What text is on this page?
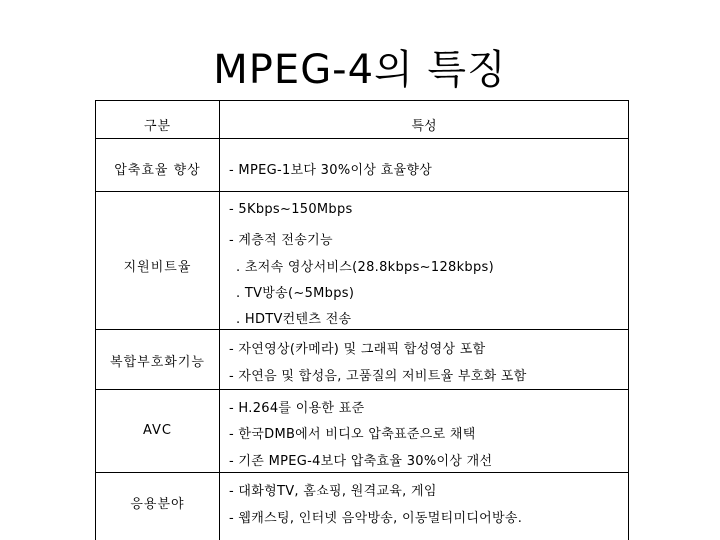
MPEG-4의 특징
구분	특성
압축효율 향상	- MPEG-1보다 30%이상 효율향상
지원비트율
- 5Kbps~150Mbps
- 계층적 전송기능
. 초저속 영상서비스(28.8kbps~128kbps)
. TV방송(~5Mbps)
. HDTV컨텐츠 전송
복합부호화기능
- 자연영상(카메라) 및 그래픽 합성영상 포함
- 자연음 및 합성음, 고품질의 저비트율 부호화 포함
AVC
- H.264를 이용한 표준
- 한국DMB에서 비디오 압축표준으로 채택
- 기존 MPEG-4보다 압축효율 30%이상 개선
응용분야
- 대화형TV, 홈쇼핑, 원격교육, 게임
- 웹캐스팅, 인터넷 음악방송, 이동멀티미디어방송.
